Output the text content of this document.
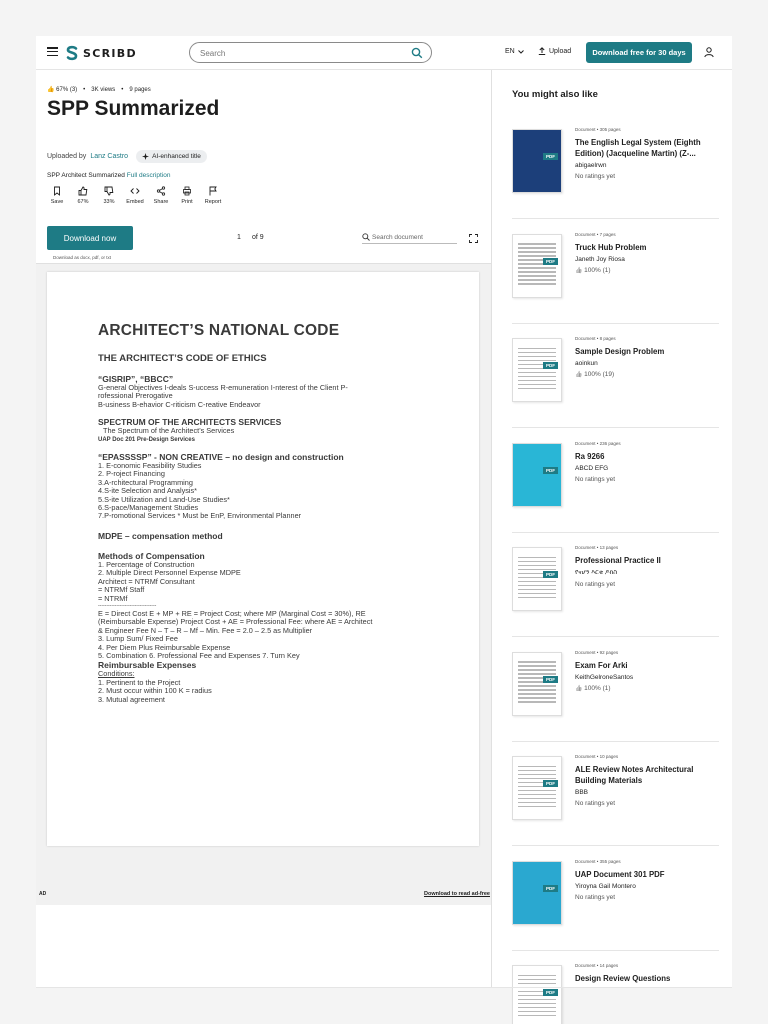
SCRIBD
Search	EN	Upload	Download free for 30 days
👍 67% (3) • 3K views • 9 pages
SPP Summarized
Uploaded by Lanz Castro	AI-enhanced title
SPP Architect Summarized Full description
Save	67%	33% Embed Share Print Report
Download now
Download as docx, pdf, or txt
1	of 9	Search document
ARCHITECT’S NATIONAL CODE
THE ARCHITECT’S CODE OF ETHICS
“GISRIP”, “BBCC”

G-eneral Objectives I-deals S-uccess R-emuneration I-nterest of the Client P-

rofessional Prerogative

B-usiness B-ehavior C-riticism C-reative Endeavor

SPECTRUM OF THE ARCHITECTS SERVICES

The Spectrum of the Architect’s Services

UAP Doc 201 Pre-Design Services

“EPASSSSP” - NON CREATIVE – no design and construction

1. E-conomic Feasibility Studies

2. P-roject Financing

3.A-rchitectural Programming

4.S-ite Selection and Analysis*

5.S-ite Utilization and Land-Use Studies*

6.S-pace/Management Studies

7.P-romotional Services * Must be EnP, Environmental Planner

MDPE – compensation method
Methods of Compensation

1. Percentage of Construction

2. Multiple Direct Personnel Expense MDPE

Architect = NTRMf Consultant

= NTRMf Staff

= NTRMf

-----------------------------------

E = Direct Cost E + MP + RE = Project Cost; where MP (Marginal Cost = 30%), RE

(Reimbursable Expense) Project Cost + AE = Professional Fee: where AE = Architect

& Engineer Fee N – T – R – Mf – Min. Fee = 2.0 – 2.5 as Multiplier

3. Lump Sum/ Fixed Fee

4. Per Diem Plus Reimbursable Expense

5. Combination 6. Professional Fee and Expenses 7. Turn Key

Reimbursable Expenses

Conditions:

1. Pertinent to the Project

2. Must occur within 100 K = radius

3. Mutual agreement

AD	Download to read ad-free
You might also like
PDF
Document • 305 pages
The English Legal System (Eighth Edition) (Jacqueline Martin) (Z-...
abigaelrwn
No ratings yet
PDF
Document • 7 pages
Truck Hub Problem
Janeth Joy Riosa
👍 100% (1)
PDF
Document • 8 pages
Sample Design Problem
aoinkun
👍 100% (19)
PDF
Document • 236 pages
Ra 9266
ABCD EFG
No ratings yet
PDF
Document • 13 pages
Professional Practice II
የናሆን እርቂ ዶክስ
No ratings yet
PDF
Document • 92 pages
Exam For Arki
KeithGelroneSantos
👍 100% (1)
PDF
Document • 10 pages
ALE Review Notes Architectural Building Materials
BBB
No ratings yet
PDF
Document • 355 pages
UAP Document 301 PDF
Yiroyna Gail Montero
No ratings yet
PDF
Document • 14 pages
Design Review Questions
